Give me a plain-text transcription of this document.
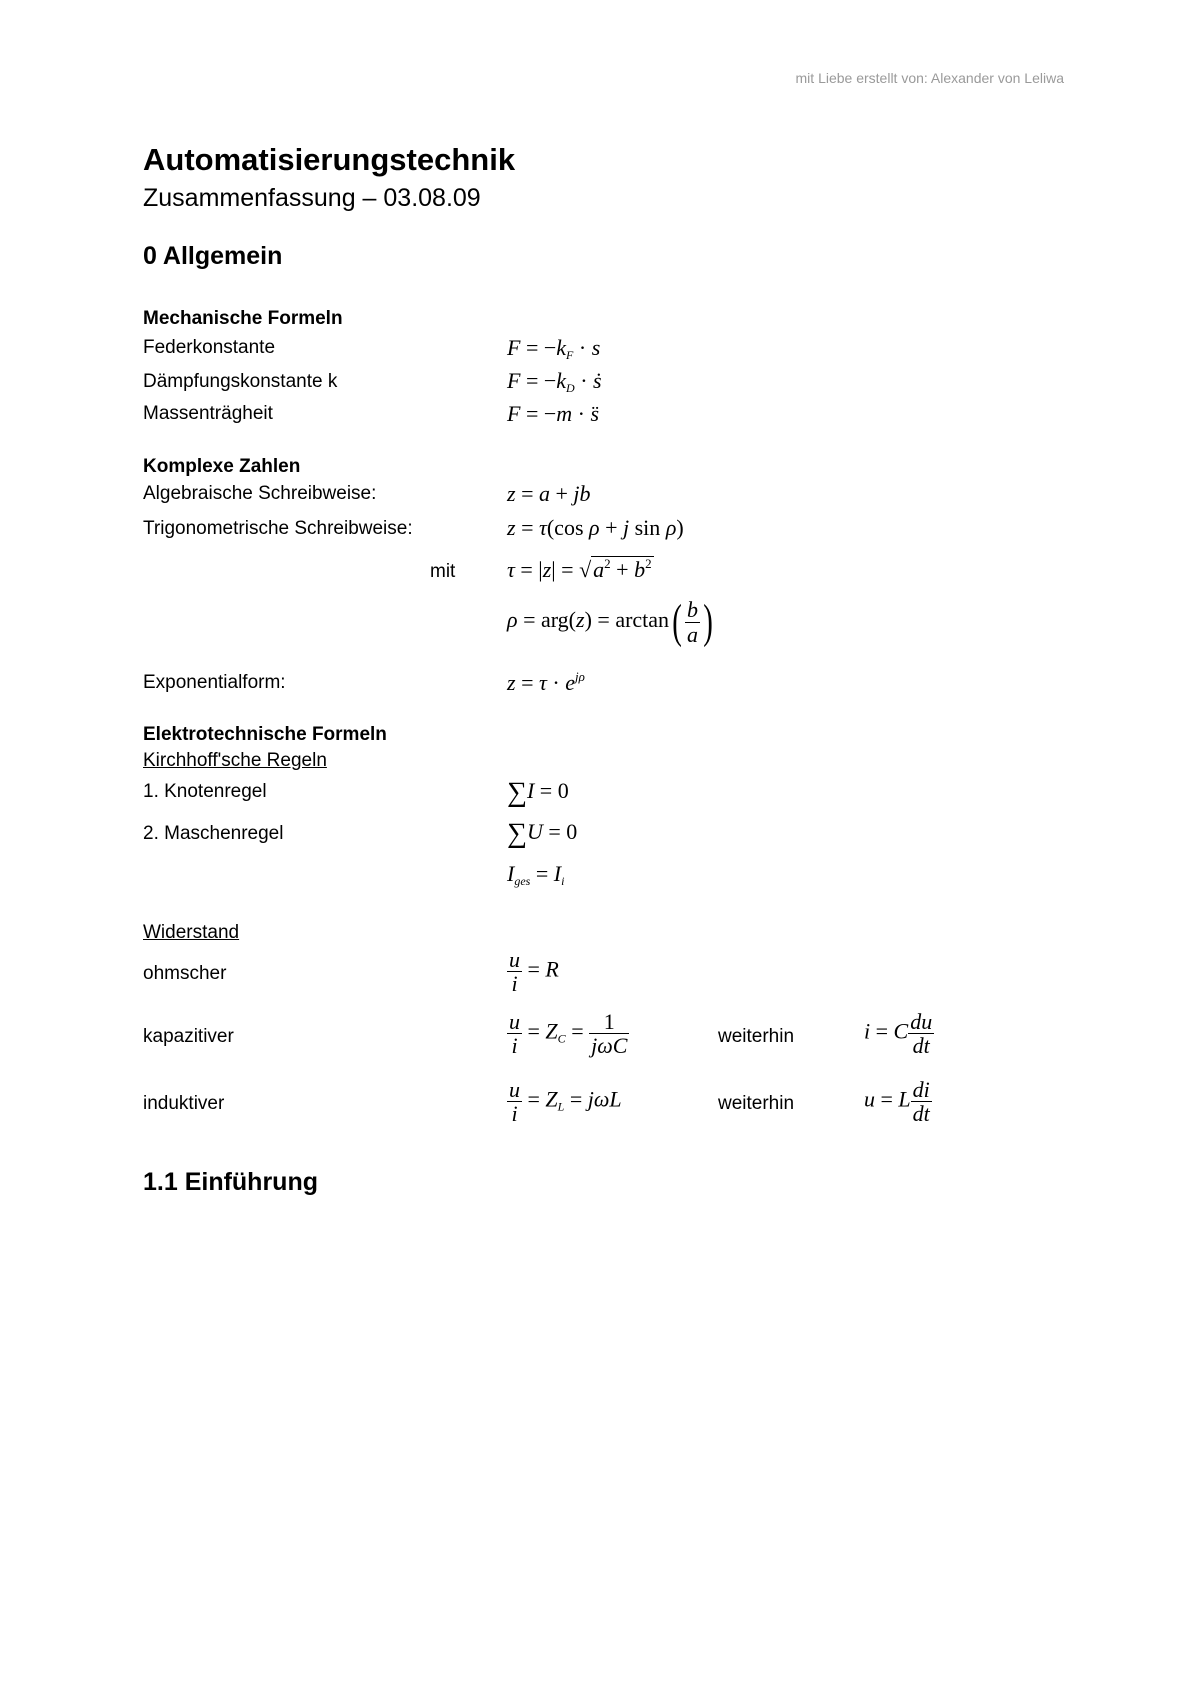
mit Liebe erstellt von: Alexander von Leliwa
Automatisierungstechnik
Zusammenfassung – 03.08.09
0 Allgemein
Mechanische Formeln
Federkonstante	$F = -k_F \cdot s$
Dämpfungskonstante k	$F = -k_D$ · ṡ
Massenträgheit	F = −m · s̈
Komplexe Zahlen
Algebraische Schreibweise:	z = a + jb
Trigonometrische Schreibweise:	z = τ(cos ρ + j sin ρ)
mit $\tau = |z| = √a^2 + b^2$
$\rho = arg(z) = \arctan( \frac{b}{a}$ )
Exponentialform:	$z = \tau \cdot e^{j\rho}$
Elektrotechnische Formeln
Kirchhoff'sche Regeln
1. Knotenregel	∑I = 0
2. Maschenregel	∑U = 0
$I_{ges} = I_i$
Widerstand
ohmscher	$\frac{u}{i} = R$
kapazitiver	$\frac{u}{i} = Z_C = \frac{1}{\text{jωC}}$	weiterhin	i = C $\frac{du}{dt}$
induktiver	$\frac{u}{i} = Z_L = j\omega L$	weiterhin	u = L $\frac{di}{dt}$
1.1 Einführung
